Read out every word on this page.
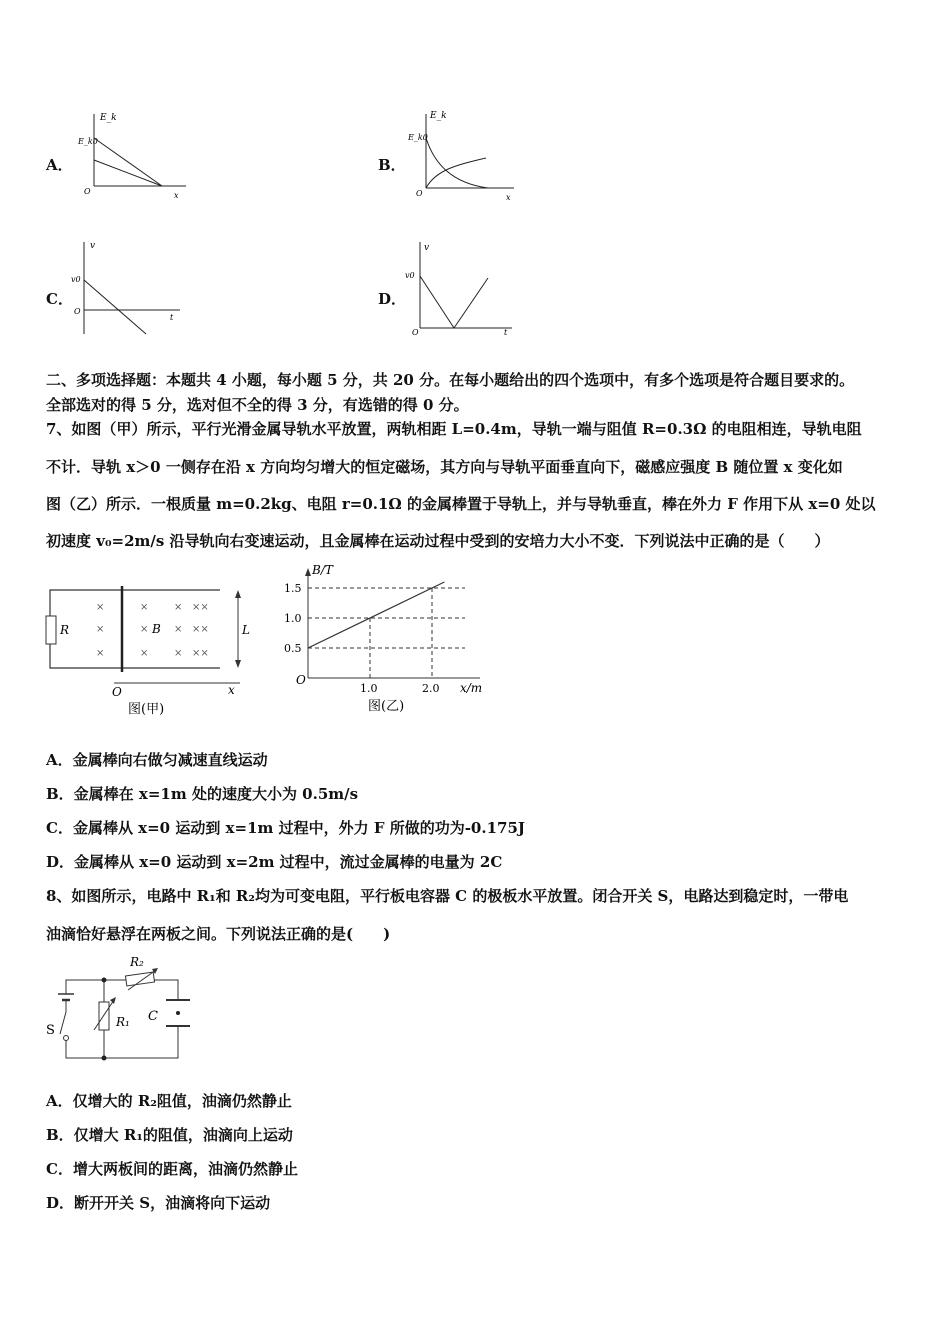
A．
E_k
E_k0
O	x
B．
E_k
E_k0
O	x
C．
v
v0
O
t
D．
v
v0
O	t
二、多项选择题：本题共 4 小题，每小题 5 分，共 20 分。在每小题给出的四个选项中，有多个选项是符合题目要求的。
全部选对的得 5 分，选对但不全的得 3 分，有选错的得 0 分。
7、如图（甲）所示，平行光滑金属导轨水平放置，两轨相距 L=0.4m，导轨一端与阻值 R=0.3Ω 的电阻相连，导轨电阻
不计．导轨 x＞0 一侧存在沿 x 方向均匀增大的恒定磁场，其方向与导轨平面垂直向下，磁感应强度 B 随位置 x 变化如
图（乙）所示．一根质量 m=0.2kg、电阻 r=0.1Ω 的金属棒置于导轨上，并与导轨垂直，棒在外力 F 作用下从 x=0 处以
初速度 v₀=2m/s 沿导轨向右变速运动，且金属棒在运动过程中受到的安培力大小不变．下列说法中正确的是（　　）
×
×
×
×
×
×
×
×
×
××
××
××
R	B	L
O	x
图(甲)
0.5
1.0
1.5
1.0	2.0
B/T
x/m
O
图(乙)
A．金属棒向右做匀减速直线运动
B．金属棒在 x=1m 处的速度大小为 0.5m/s
C．金属棒从 x=0 运动到 x=1m 过程中，外力 F 所做的功为-0.175J
D．金属棒从 x=0 运动到 x=2m 过程中，流过金属棒的电量为 2C
8、如图所示，电路中 R₁和 R₂均为可变电阻，平行板电容器 C 的极板水平放置。闭合开关 S，电路达到稳定时，一带电
油滴恰好悬浮在两板之间。下列说法正确的是(　　)
R₂
R₁ C
S
A．仅增大的 R₂阻值，油滴仍然静止
B．仅增大 R₁的阻值，油滴向上运动
C．增大两板间的距离，油滴仍然静止
D．断开开关 S，油滴将向下运动
